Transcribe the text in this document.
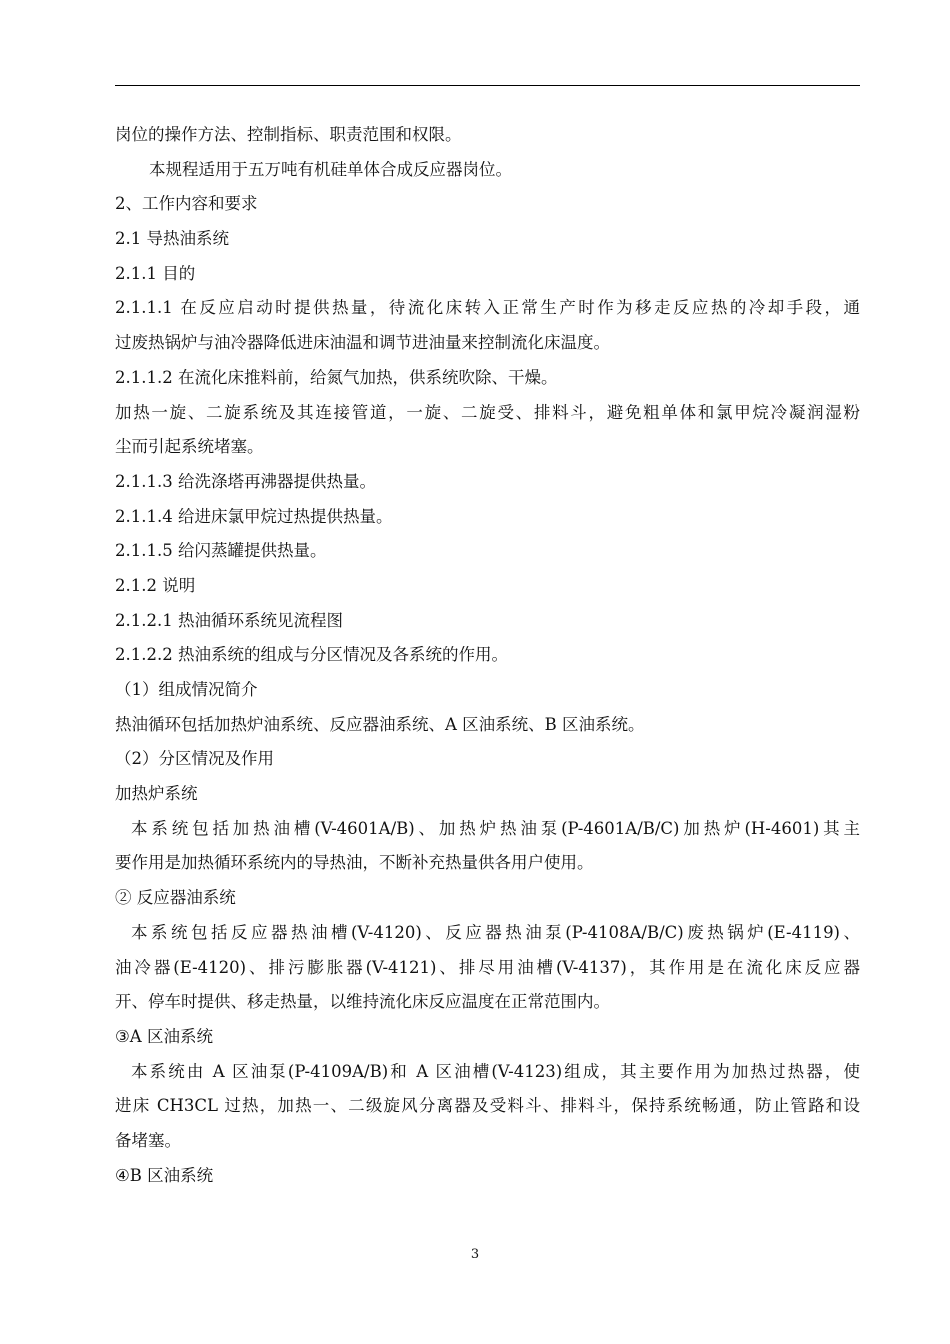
岗位的操作方法、控制指标、职责范围和权限。
本规程适用于五万吨有机硅单体合成反应器岗位。
2、工作内容和要求
2.1 导热油系统
2.1.1 目的
2.1.1.1 在反应启动时提供热量，待流化床转入正常生产时作为移走反应热的冷却手段，通
过废热锅炉与油冷器降低进床油温和调节进油量来控制流化床温度。
2.1.1.2 在流化床推料前，给氮气加热，供系统吹除、干燥。
加热一旋、二旋系统及其连接管道，一旋、二旋受、排料斗，避免粗单体和氯甲烷冷凝润湿粉
尘而引起系统堵塞。
2.1.1.3 给洗涤塔再沸器提供热量。
2.1.1.4 给进床氯甲烷过热提供热量。
2.1.1.5 给闪蒸罐提供热量。
2.1.2 说明
2.1.2.1 热油循环系统见流程图
2.1.2.2 热油系统的组成与分区情况及各系统的作用。
（1）组成情况简介
热油循环包括加热炉油系统、反应器油系统、A 区油系统、B 区油系统。
（2）分区情况及作用
加热炉系统
本系统包括加热油槽(V-4601A/B)、加热炉热油泵(P-4601A/B/C)加热炉(H-4601)其主
要作用是加热循环系统内的导热油，不断补充热量供各用户使用。
② 反应器油系统
本系统包括反应器热油槽(V-4120)、反应器热油泵(P-4108A/B/C)废热锅炉(E-4119)、
油冷器(E-4120)、排污膨胀器(V-4121)、排尽用油槽(V-4137)，其作用是在流化床反应器
开、停车时提供、移走热量，以维持流化床反应温度在正常范围内。
③A 区油系统
本系统由 A 区油泵(P-4109A/B)和 A 区油槽(V-4123)组成，其主要作用为加热过热器，使
进床 CH3CL 过热，加热一、二级旋风分离器及受料斗、排料斗，保持系统畅通，防止管路和设
备堵塞。
④B 区油系统
3
